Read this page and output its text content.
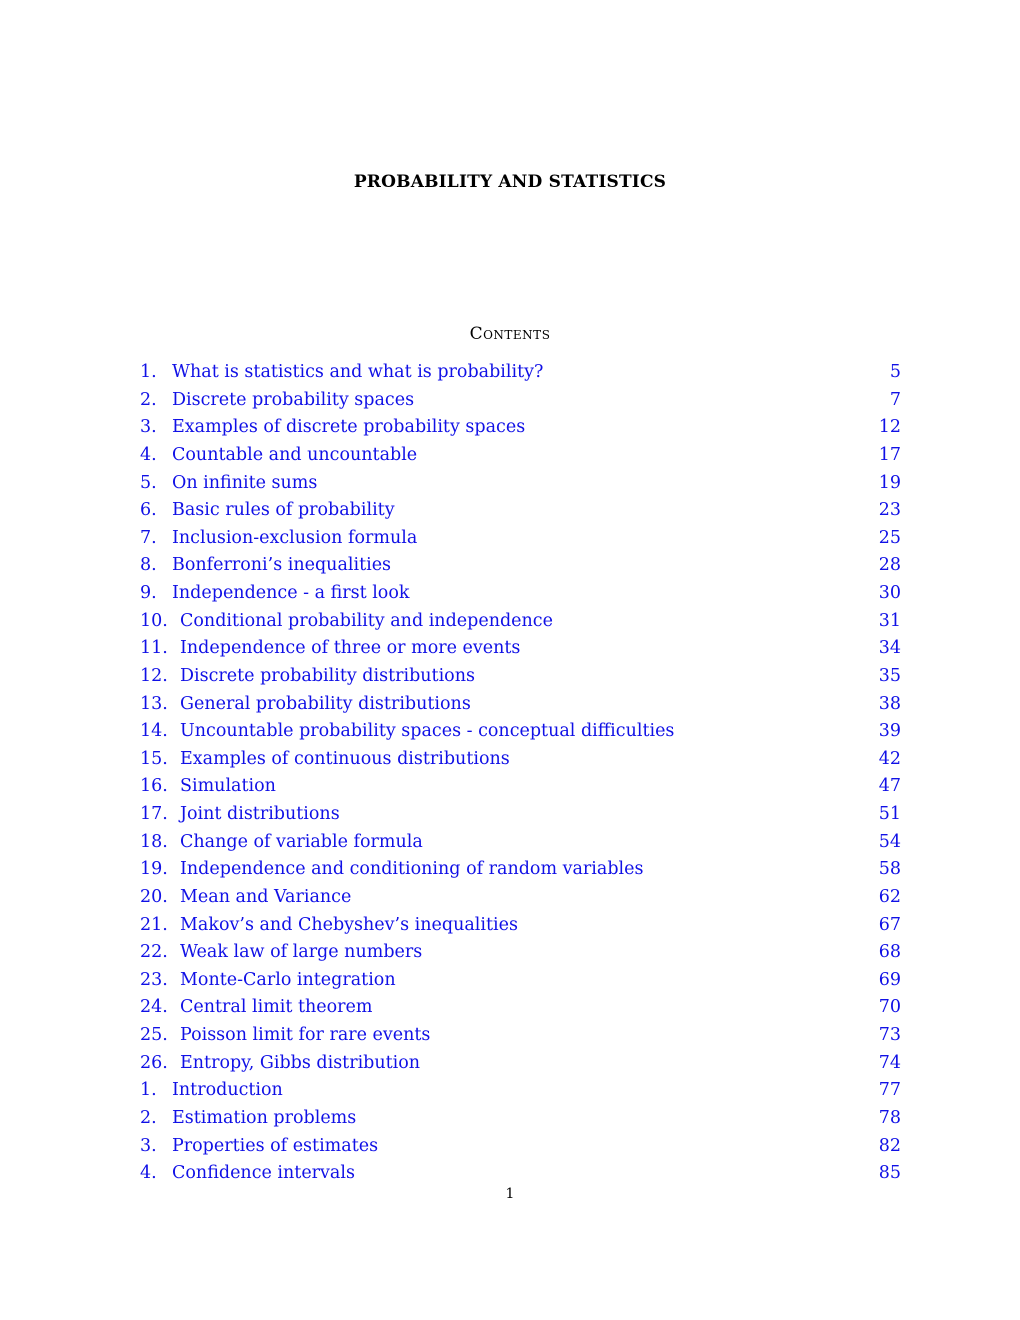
PROBABILITY AND STATISTICS
Contents
1. What is statistics and what is probability?	5
2. Discrete probability spaces	7
3. Examples of discrete probability spaces	12
4. Countable and uncountable	17
5. On infinite sums	19
6. Basic rules of probability	23
7. Inclusion-exclusion formula	25
8. Bonferroni’s inequalities	28
9. Independence - a first look	30
10. Conditional probability and independence	31
11. Independence of three or more events	34
12. Discrete probability distributions	35
13. General probability distributions	38
14. Uncountable probability spaces - conceptual difficulties	39
15. Examples of continuous distributions	42
16. Simulation	47
17. Joint distributions	51
18. Change of variable formula	54
19. Independence and conditioning of random variables	58
20. Mean and Variance	62
21. Makov’s and Chebyshev’s inequalities	67
22. Weak law of large numbers	68
23. Monte-Carlo integration	69
24. Central limit theorem	70
25. Poisson limit for rare events	73
26. Entropy, Gibbs distribution	74
1. Introduction	77
2. Estimation problems	78
3. Properties of estimates	82
4. Confidence intervals	85
1
